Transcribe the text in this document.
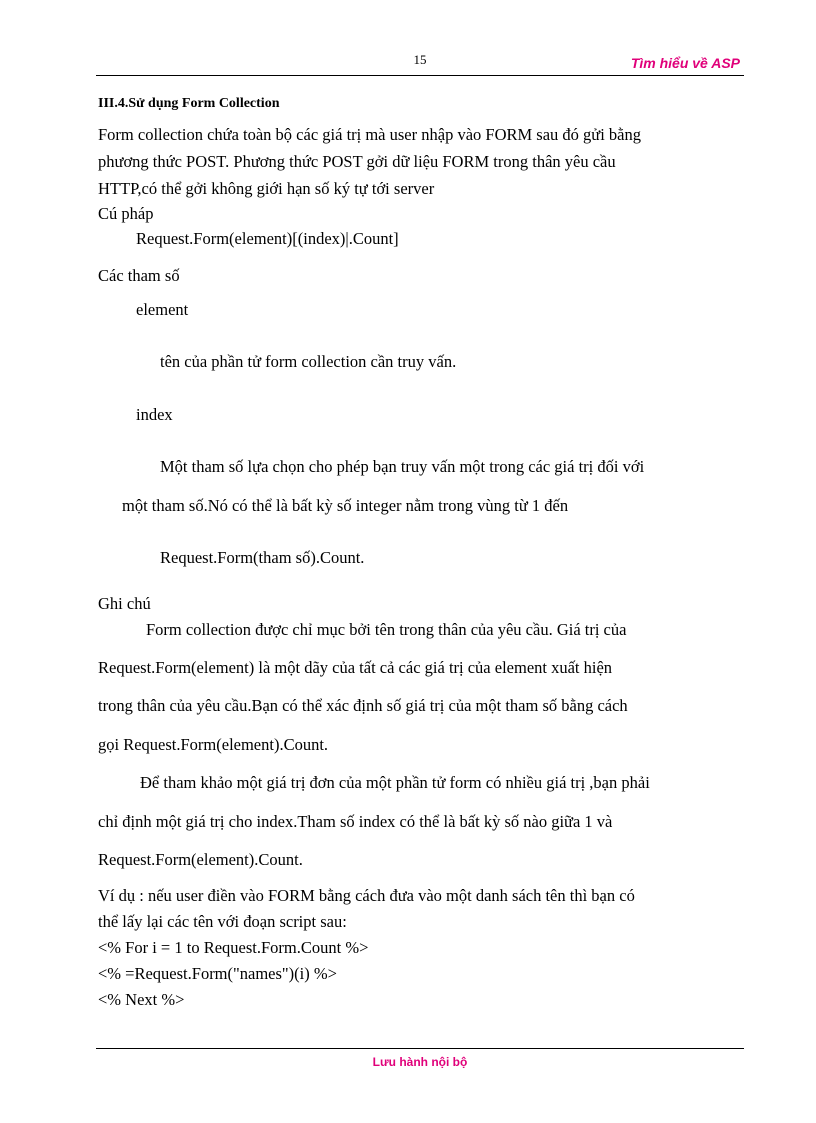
15	Tìm hiểu về ASP
III.4.Sử dụng Form Collection
Form collection chứa toàn bộ các giá trị mà user nhập vào FORM sau đó gửi bằng
phương thức POST. Phương thức POST gởi dữ liệu FORM trong thân yêu cầu
HTTP,có thể gởi không giới hạn số ký tự tới server
Cú pháp
Request.Form(element)[(index)|.Count]
Các tham số
element
tên của phần tử form collection cần truy vấn.
index
Một tham số lựa chọn cho phép bạn truy vấn một trong các giá trị đối với
một tham số.Nó có thể là bất kỳ số integer nằm trong vùng từ 1 đến
Request.Form(tham số).Count.
Ghi chú
Form collection được chỉ mục bởi tên trong thân của yêu cầu. Giá trị của
Request.Form(element) là một dãy của tất cả các giá trị của element xuất hiện
trong thân của yêu cầu.Bạn có thể xác định số giá trị của một tham số bằng cách
gọi Request.Form(element).Count.
Để tham khảo một giá trị đơn của một phần tử form có nhiều giá trị ,bạn phải
chỉ định một giá trị cho index.Tham số index có thể là bất kỳ số nào giữa 1 và
Request.Form(element).Count.
Ví dụ : nếu user điền vào FORM bằng cách đưa vào một danh sách tên thì bạn có
thể lấy lại các tên với đoạn script sau:
<% For i = 1 to Request.Form.Count %>
<% =Request.Form("names")(i) %>
<% Next %>
Lưu hành nội bộ
